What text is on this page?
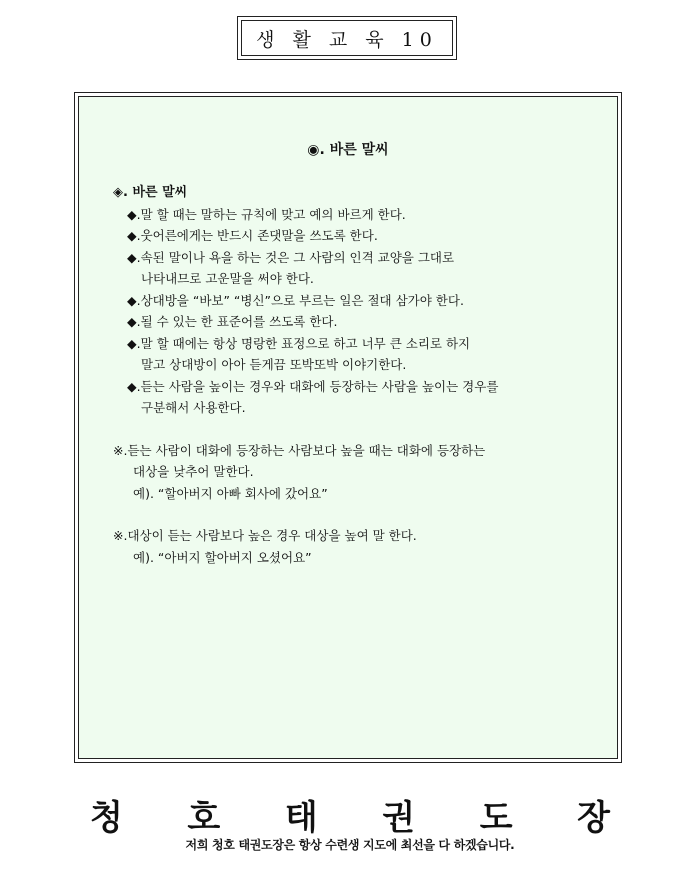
생 활 교 육 10
◉. 바른 말씨
◈. 바른 말씨
◆.말 할 때는 말하는 규칙에 맞고 예의 바르게 한다.
◆.웃어른에게는 반드시 존댓말을 쓰도록 한다.
◆.속된 말이나 욕을 하는 것은 그 사람의 인격 교양을 그대로
나타내므로 고운말을 써야 한다.
◆.상대방을 “바보” “병신”으로 부르는 일은 절대 삼가야 한다.
◆.될 수 있는 한 표준어를 쓰도록 한다.
◆.말 할 때에는 항상 명랑한 표정으로 하고 너무 큰 소리로 하지
말고 상대방이 아아 듣게끔 또박또박 이야기한다.
◆.듣는 사람을 높이는 경우와 대화에 등장하는 사람을 높이는 경우를
구분해서 사용한다.
※.듣는 사람이 대화에 등장하는 사람보다 높을 때는 대화에 등장하는
대상을 낮추어 말한다.
예). “할아버지 아빠 회사에 갔어요”
※.대상이 듣는 사람보다 높은 경우 대상을 높여 말 한다.
예). “아버지 할아버지 오셨어요”
청 호 태 권 도 장
저희 청호 태권도장은 항상 수련생 지도에 최선을 다 하겠습니다.
